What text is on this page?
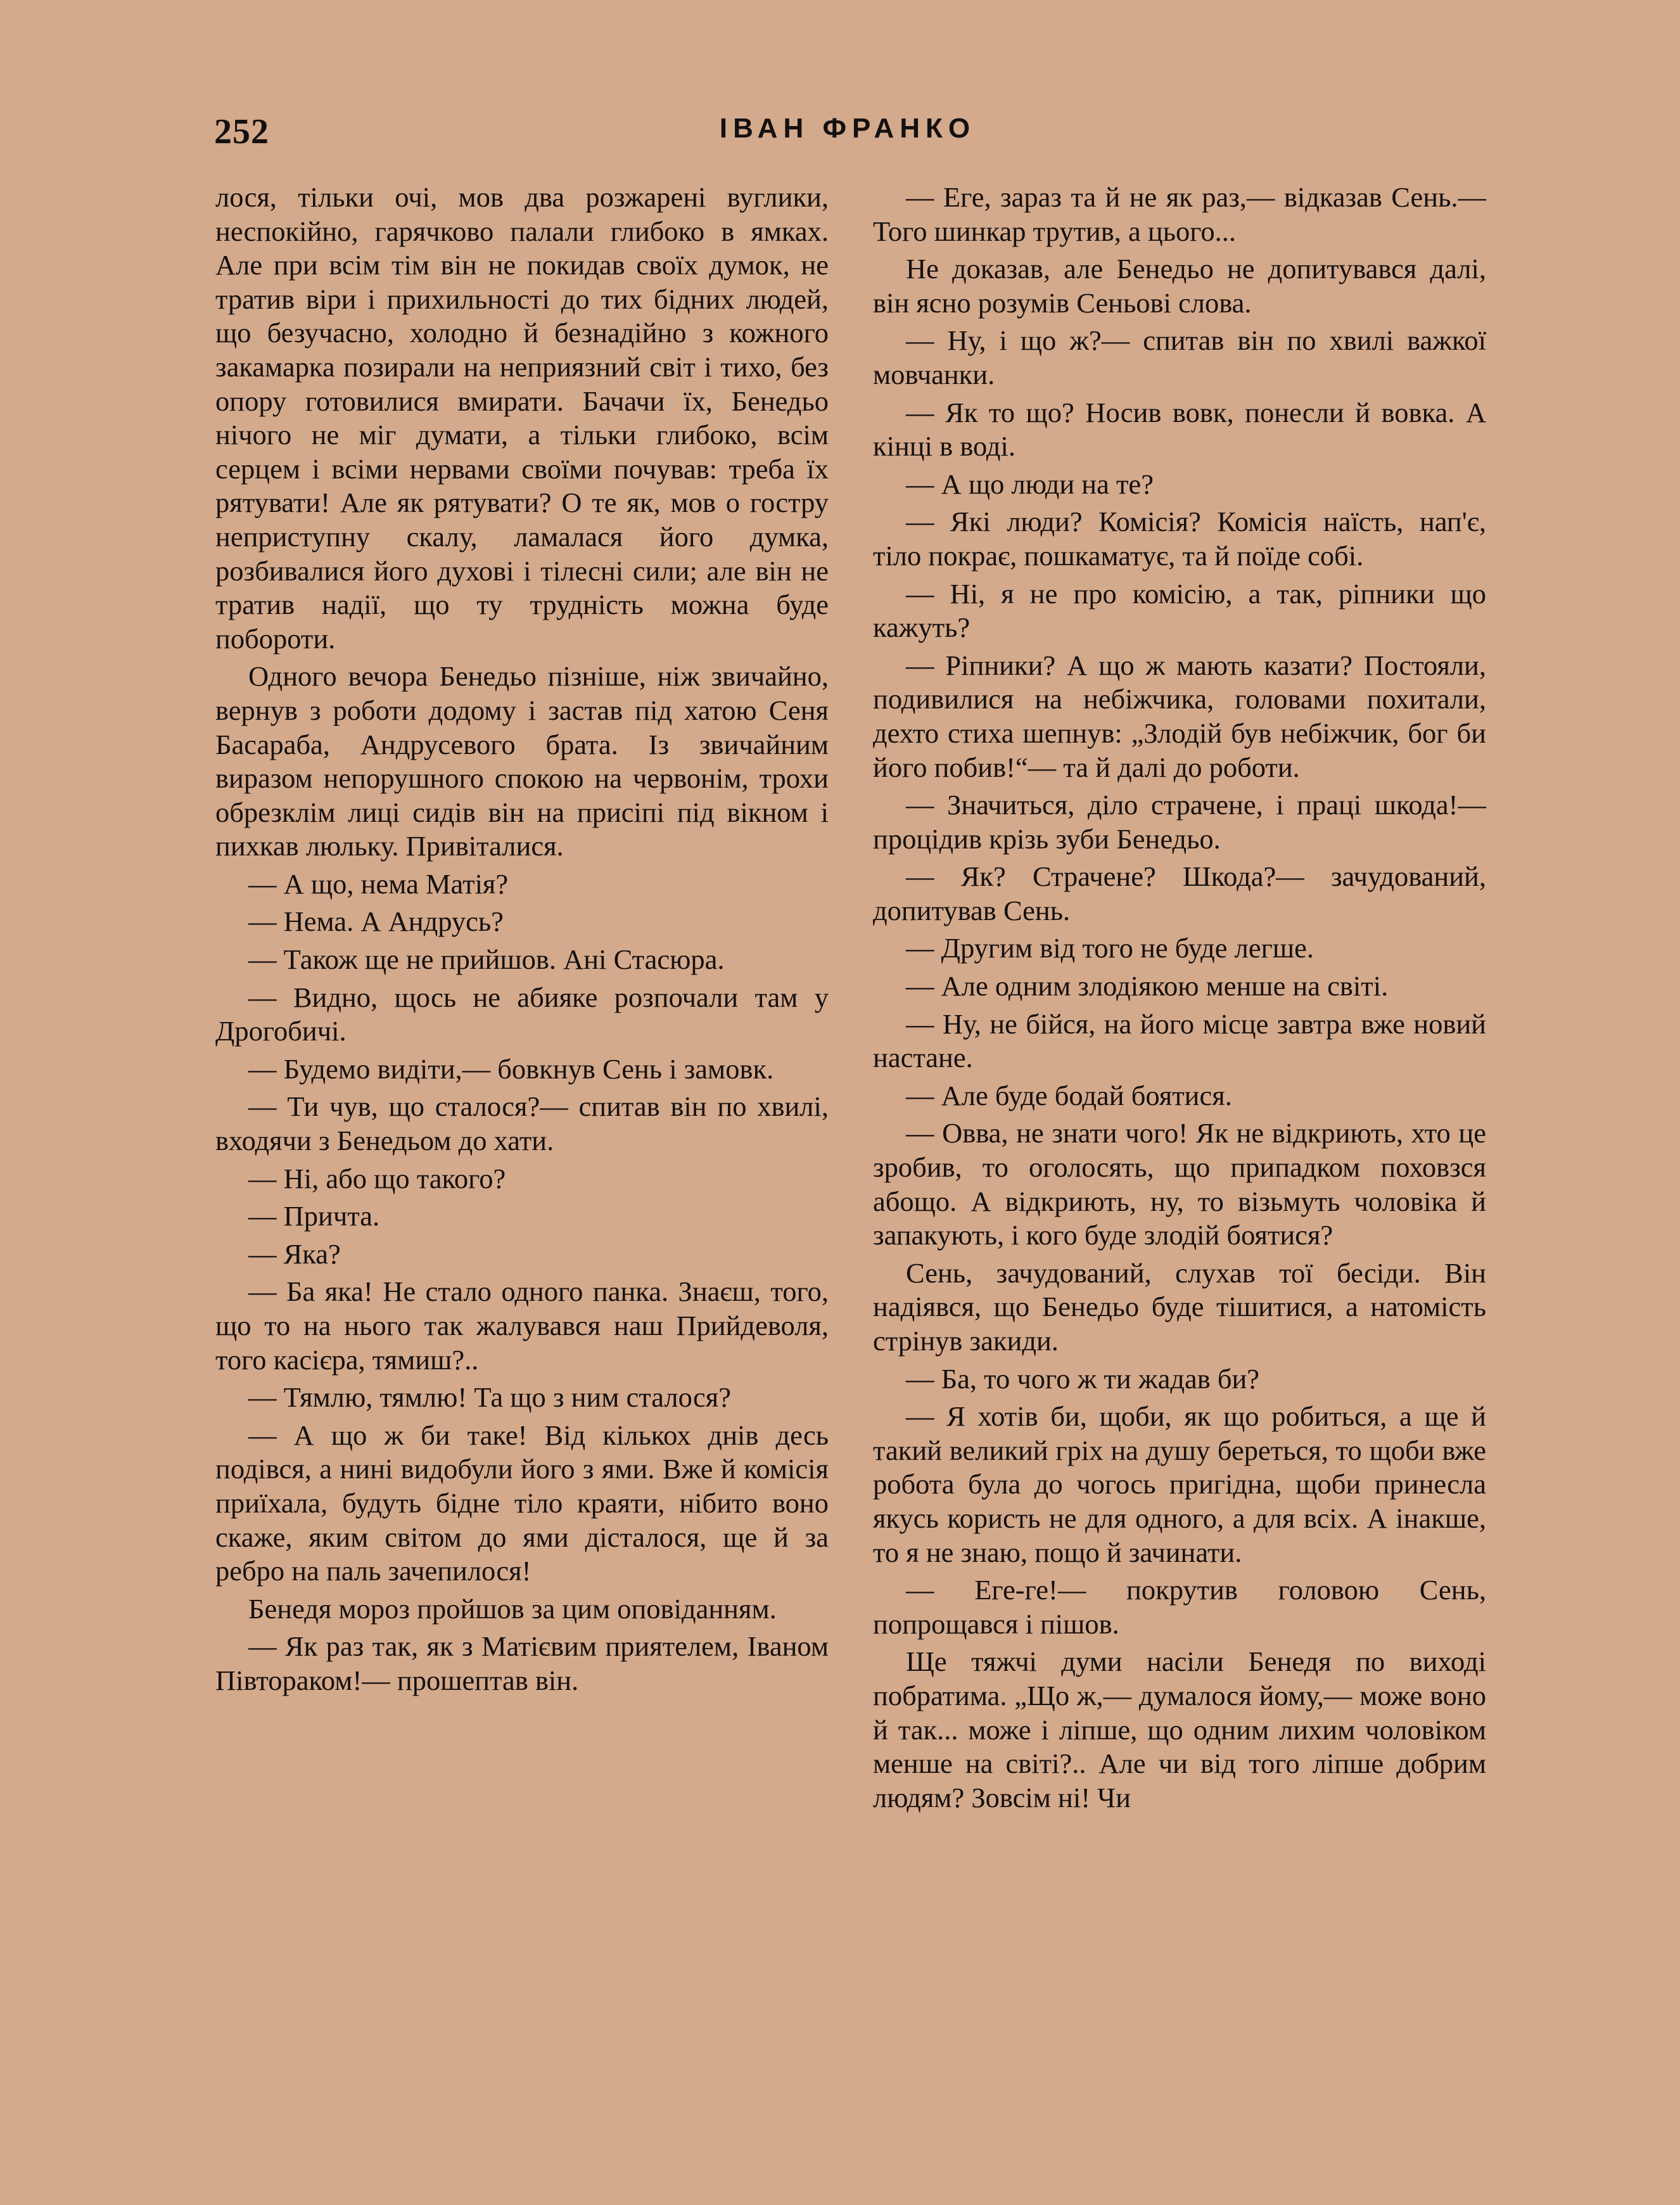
252	ІВАН ФРАНКО

лося, тільки очі, мов два розжарені вуглики, неспокійно, гарячково палали глибоко в ямках. Але при всім тім він не покидав своїх думок, не тратив віри і прихильності до тих бідних людей, що безучасно, холодно й безнадійно з кожного закамарка позирали на неприязний світ і тихо, без опору готовилися вмирати. Бачачи їх, Бенедьо нічого не міг думати, а тільки глибоко, всім серцем і всіми нервами своїми почував: треба їх рятувати! Але як рятувати? О те як, мов о гостру неприступну скалу, ламалася його думка, розбивалися його духові і тілесні сили; але він не тратив надії, що ту трудність можна буде побороти.

Одного вечора Бенедьо пізніше, ніж звичайно, вернув з роботи додому і застав під хатою Сеня Басараба, Андрусевого брата. Із звичайним виразом непорушного спокою на червонім, трохи обрезклім лиці сидів він на присіпі під вікном і пихкав люльку. Привіталися.

— А що, нема Матія?

— Нема. А Андрусь?

— Також ще не прийшов. Ані Стасюра.

— Видно, щось не абияке розпочали там у Дрогобичі.

— Будемо видіти,— бовкнув Сень і замовк.

— Ти чув, що сталося?— спитав він по хвилі, входячи з Бенедьом до хати.

— Ні, або що такого?

— Причта.

— Яка?

— Ба яка! Не стало одного панка. Знаєш, того, що то на нього так жалувався наш Прийдеволя, того касієра, тямиш?..

— Тямлю, тямлю! Та що з ним сталося?

— А що ж би таке! Від кількох днів десь подівся, а нині видобули його з ями. Вже й комісія приїхала, будуть бідне тіло краяти, нібито воно скаже, яким світом до ями дісталося, ще й за ребро на паль зачепилося!

Бенедя мороз пройшов за цим оповіданням.

— Як раз так, як з Матієвим приятелем, Іваном Півтораком!— прошептав він.

— Еге, зараз та й не як раз,— відказав Сень.— Того шинкар трутив, а цього...

Не доказав, але Бенедьо не допитувався далі, він ясно розумів Сеньові слова.

— Ну, і що ж?— спитав він по хвилі важкої мовчанки.

— Як то що? Носив вовк, понесли й вовка. А кінці в воді.

— А що люди на те?

— Які люди? Комісія? Комісія наїсть, нап'є, тіло покрає, пошкаматує, та й поїде собі.

— Ні, я не про комісію, а так, ріпники що кажуть?

— Ріпники? А що ж мають казати? Постояли, подивилися на небіжчика, головами похитали, дехто стиха шепнув: „Злодій був небіжчик, бог би його побив!“— та й далі до роботи.

— Значиться, діло страчене, і праці шкода!— процідив крізь зуби Бенедьо.

— Як? Страчене? Шкода?— зачудований, допитував Сень.

— Другим від того не буде легше.

— Але одним злодіякою менше на світі.

— Ну, не бійся, на його місце завтра вже новий настане.

— Але буде бодай боятися.

— Овва, не знати чого! Як не відкриють, хто це зробив, то оголосять, що припадком поховзся абощо. А відкриють, ну, то візьмуть чоловіка й запакують, і кого буде злодій боятися?

Сень, зачудований, слухав тої бесіди. Він надіявся, що Бенедьо буде тішитися, а натомість стрінув закиди.

— Ба, то чого ж ти жадав би?

— Я хотів би, щоби, як що робиться, а ще й такий великий гріх на душу береться, то щоби вже робота була до чогось пригідна, щоби принесла якусь користь не для одного, а для всіх. А інакше, то я не знаю, пощо й зачинати.

— Еге-ге!— покрутив головою Сень, попрощався і пішов.

Ще тяжчі думи насіли Бенедя по виході побратима. „Що ж,— думалося йому,— може воно й так... може і ліпше, що одним лихим чоловіком менше на світі?.. Але чи від того ліпше добрим людям? Зовсім ні! Чи
